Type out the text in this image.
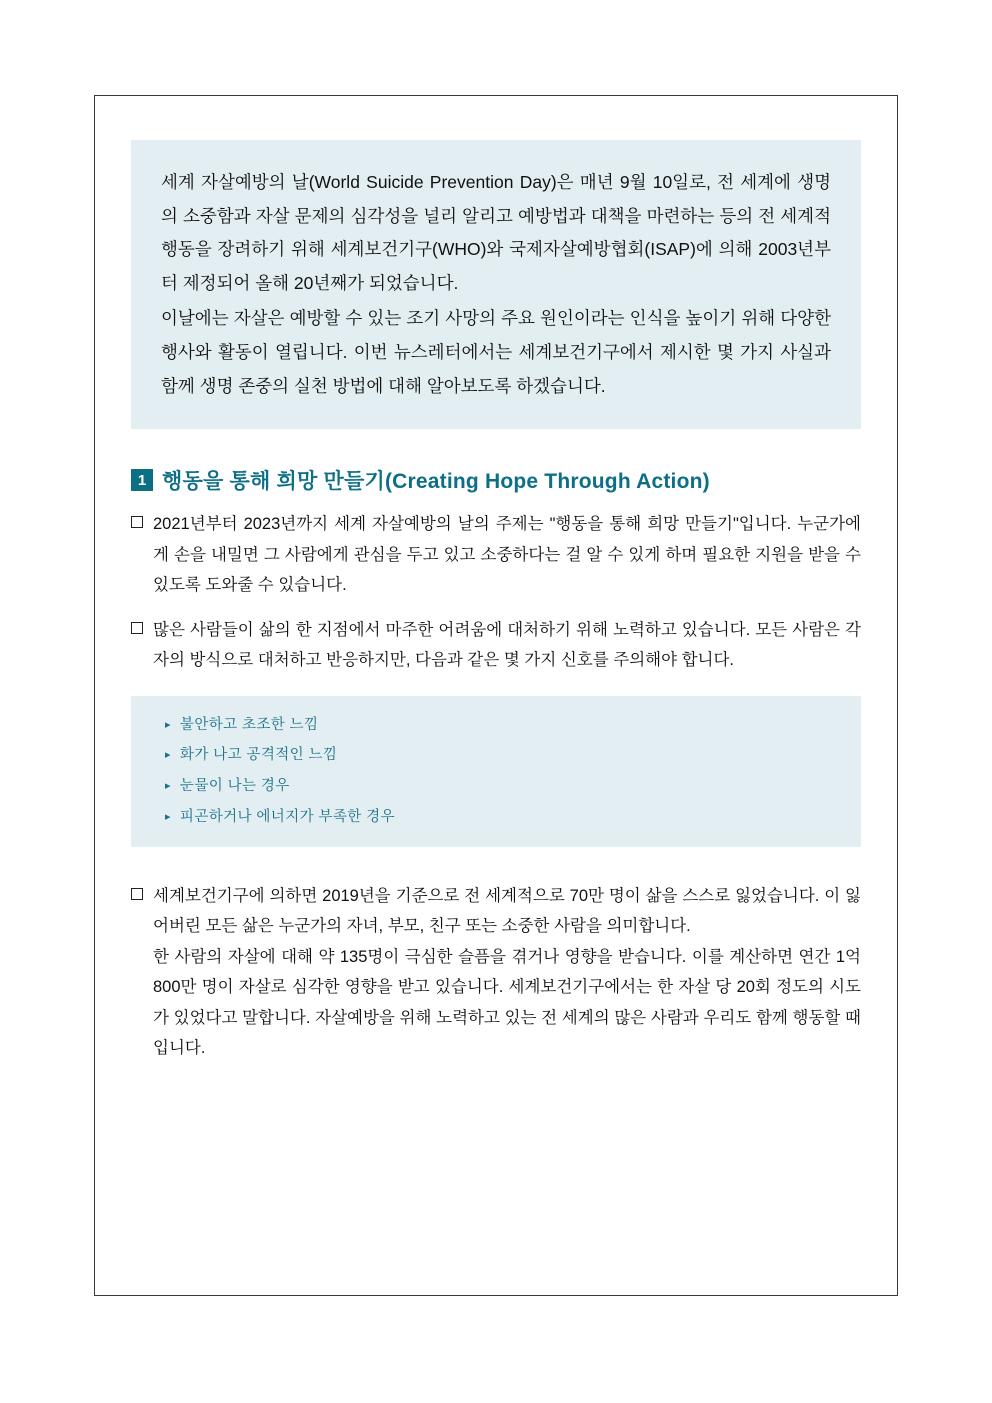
세계 자살예방의 날(World Suicide Prevention Day)은 매년 9월 10일로, 전 세계에 생명의 소중함과 자살 문제의 심각성을 널리 알리고 예방법과 대책을 마련하는 등의 전 세계적 행동을 장려하기 위해 세계보건기구(WHO)와 국제자살예방협회(ISAP)에 의해 2003년부터 제정되어 올해 20년째가 되었습니다.

이날에는 자살은 예방할 수 있는 조기 사망의 주요 원인이라는 인식을 높이기 위해 다양한 행사와 활동이 열립니다. 이번 뉴스레터에서는 세계보건기구에서 제시한 몇 가지 사실과 함께 생명 존중의 실천 방법에 대해 알아보도록 하겠습니다.

1 행동을 통해 희망 만들기(Creating Hope Through Action)
2021년부터 2023년까지 세계 자살예방의 날의 주제는 "행동을 통해 희망 만들기"입니다. 누군가에게 손을 내밀면 그 사람에게 관심을 두고 있고 소중하다는 걸 알 수 있게 하며 필요한 지원을 받을 수 있도록 도와줄 수 있습니다.
많은 사람들이 삶의 한 지점에서 마주한 어려움에 대처하기 위해 노력하고 있습니다. 모든 사람은 각자의 방식으로 대처하고 반응하지만, 다음과 같은 몇 가지 신호를 주의해야 합니다.
▸ 불안하고 초조한 느낌
▸ 화가 나고 공격적인 느낌
▸ 눈물이 나는 경우
▸ 피곤하거나 에너지가 부족한 경우

세계보건기구에 의하면 2019년을 기준으로 전 세계적으로 70만 명이 삶을 스스로 잃었습니다. 이 잃어버린 모든 삶은 누군가의 자녀, 부모, 친구 또는 소중한 사람을 의미합니다.

한 사람의 자살에 대해 약 135명이 극심한 슬픔을 겪거나 영향을 받습니다. 이를 계산하면 연간 1억 800만 명이 자살로 심각한 영향을 받고 있습니다. 세계보건기구에서는 한 자살 당 20회 정도의 시도가 있었다고 말합니다. 자살예방을 위해 노력하고 있는 전 세계의 많은 사람과 우리도 함께 행동할 때입니다.
